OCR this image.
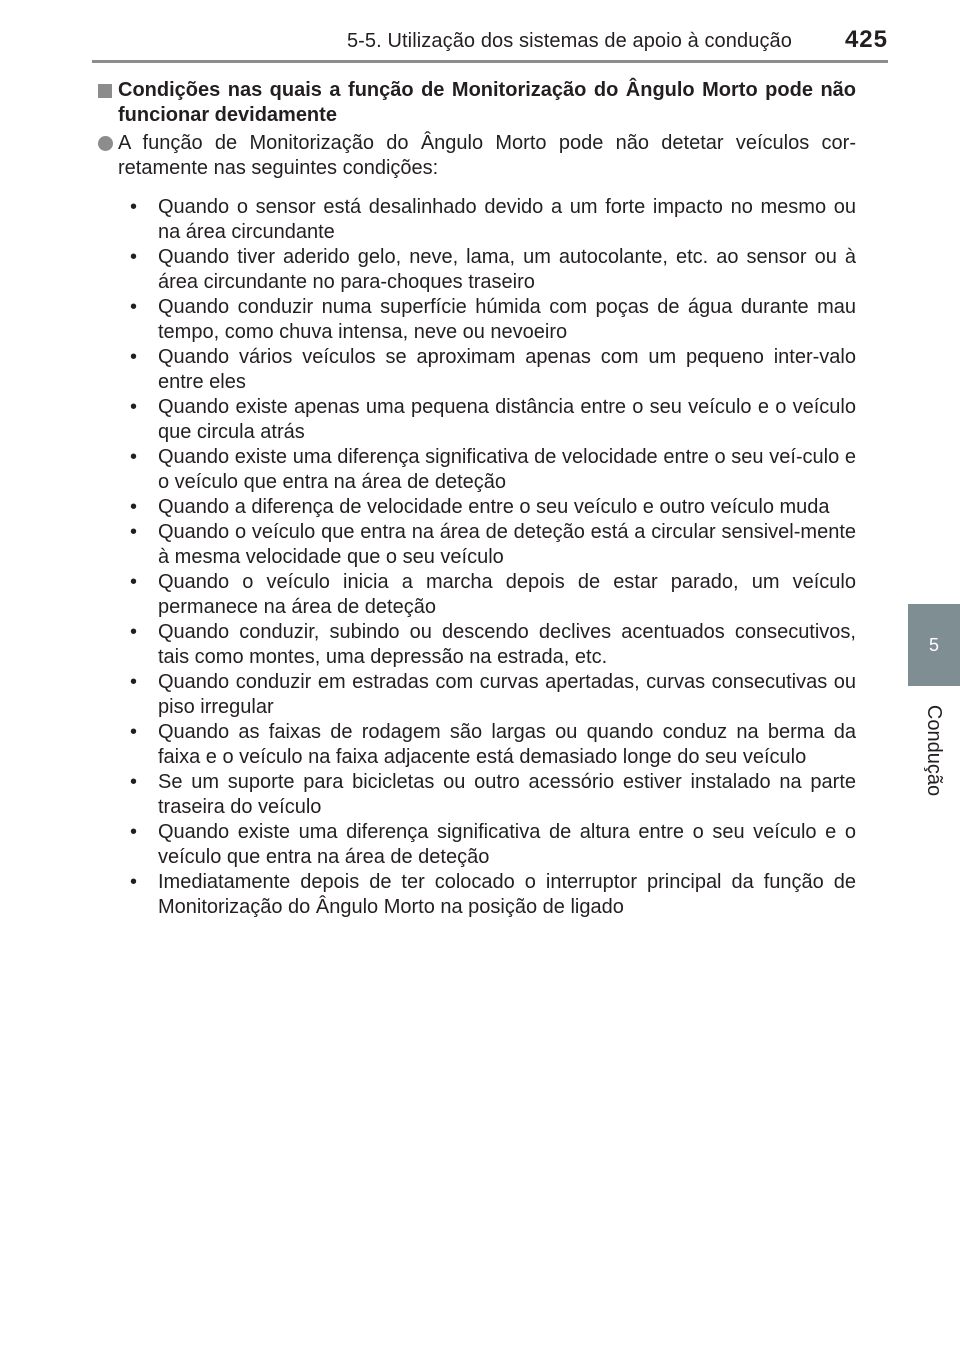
5-5. Utilização dos sistemas de apoio à condução 425
5
Condução
Condições nas quais a função de Monitorização do Ângulo Morto pode não funcionar devidamente
A função de Monitorização do Ângulo Morto pode não detetar veículos cor-retamente nas seguintes condições:
• Quando o sensor está desalinhado devido a um forte impacto no mesmo ou na área circundante
• Quando tiver aderido gelo, neve, lama, um autocolante, etc. ao sensor ou à área circundante no para-choques traseiro
• Quando conduzir numa superfície húmida com poças de água durante mau tempo, como chuva intensa, neve ou nevoeiro
• Quando vários veículos se aproximam apenas com um pequeno inter-valo entre eles
• Quando existe apenas uma pequena distância entre o seu veículo e o veículo que circula atrás
• Quando existe uma diferença significativa de velocidade entre o seu veí-culo e o veículo que entra na área de deteção
• Quando a diferença de velocidade entre o seu veículo e outro veículo muda
• Quando o veículo que entra na área de deteção está a circular sensivel-mente à mesma velocidade que o seu veículo
• Quando o veículo inicia a marcha depois de estar parado, um veículo permanece na área de deteção
• Quando conduzir, subindo ou descendo declives acentuados consecutivos, tais como montes, uma depressão na estrada, etc.
• Quando conduzir em estradas com curvas apertadas, curvas consecutivas ou piso irregular
• Quando as faixas de rodagem são largas ou quando conduz na berma da faixa e o veículo na faixa adjacente está demasiado longe do seu veículo
• Se um suporte para bicicletas ou outro acessório estiver instalado na parte traseira do veículo
• Quando existe uma diferença significativa de altura entre o seu veículo e o veículo que entra na área de deteção
• Imediatamente depois de ter colocado o interruptor principal da função de Monitorização do Ângulo Morto na posição de ligado
